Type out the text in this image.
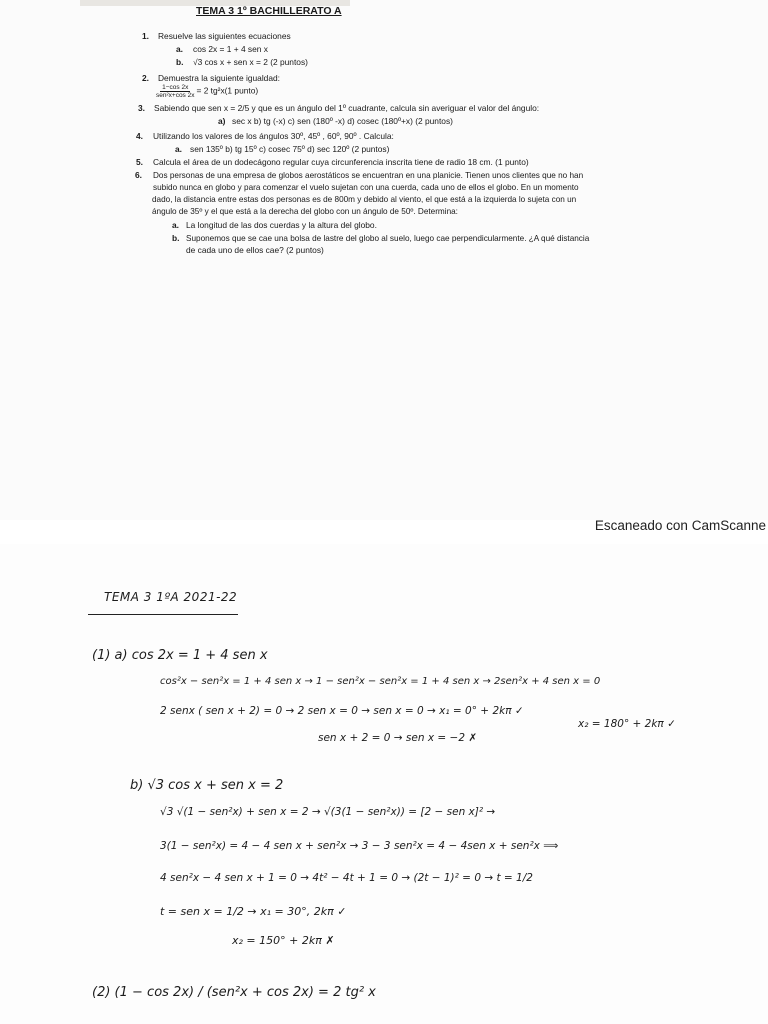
TEMA 3 1º BACHILLERATO A
1. Resuelve las siguientes ecuaciones
a. cos 2x = 1 + 4 sen x
b. √3 cos x + sen x = 2 (2 puntos)
2. Demuestra la siguiente igualdad:
$\frac{1-\cos 2x}{\text{sen²x+cos 2x}} = 2$ tg²x(1 punto)
3. Sabiendo que sen x = 2/5 y que es un ángulo del 1º cuadrante, calcula sin averiguar el valor del ángulo:
a) sec x b) tg (-x) c) sen (180º -x) d) cosec (180º+x) (2 puntos)
4. Utilizando los valores de los ángulos 30º, 45º , 60º, 90º . Calcula:
a. sen 135º b) tg 15º c) cosec 75º d) sec 120º (2 puntos)
5. Calcula el área de un dodecágono regular cuya circunferencia inscrita tiene de radio 18 cm. (1 punto)
6. Dos personas de una empresa de globos aerostáticos se encuentran en una planicie. Tienen unos clientes que no han
subido nunca en globo y para comenzar el vuelo sujetan con una cuerda, cada uno de ellos el globo. En un momento
dado, la distancia entre estas dos personas es de 800m y debido al viento, el que está a la izquierda lo sujeta con un
ángulo de 35º y el que está a la derecha del globo con un ángulo de 50º. Determina:
a. La longitud de las dos cuerdas y la altura del globo.
b. Suponemos que se cae una bolsa de lastre del globo al suelo, luego cae perpendicularmente. ¿A qué distancia
de cada uno de ellos cae? (2 puntos)
Escaneado con CamScanne
TEMA 3 1ºA 2021-22
(1) a) cos 2x = 1 + 4 sen x
cos²x − sen²x = 1 + 4 sen x → 1 − sen²x − sen²x = 1 + 4 sen x → 2sen²x + 4 sen x = 0
2 senx ( sen x + 2) = 0 → 2 sen x = 0 → sen x = 0 → x₁ = 0° + 2kπ ✓
x₂ = 180° + 2kπ ✓
sen x + 2 = 0 → sen x = −2 ✗
b) √3 cos x + sen x = 2
√3 √(1 − sen²x) + sen x = 2 → √(3(1 − sen²x)) = [2 − sen x]² →
3(1 − sen²x) = 4 − 4 sen x + sen²x → 3 − 3 sen²x = 4 − 4sen x + sen²x ⟹
4 sen²x − 4 sen x + 1 = 0 → 4t² − 4t + 1 = 0 → (2t − 1)² = 0 → t = 1/2
t = sen x = 1/2 → x₁ = 30°, 2kπ ✓
x₂ = 150° + 2kπ ✗
(2) (1 − cos 2x) / (sen²x + cos 2x) = 2 tg² x
